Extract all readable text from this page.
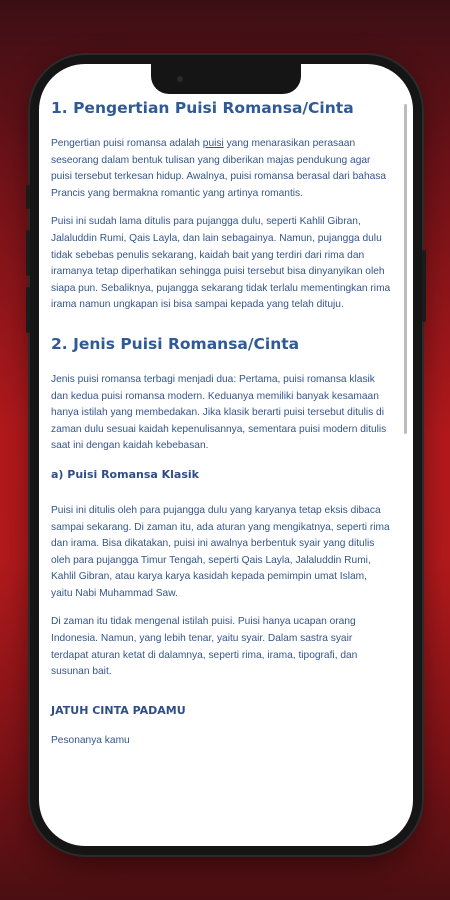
1. Pengertian Puisi Romansa/Cinta

Pengertian puisi romansa adalah puisi yang menarasikan perasaan seseorang dalam bentuk tulisan yang diberikan majas pendukung agar puisi tersebut terkesan hidup. Awalnya, puisi romansa berasal dari bahasa Prancis yang bermakna romantic yang artinya romantis.

Puisi ini sudah lama ditulis para pujangga dulu, seperti Kahlil Gibran, Jalaluddin Rumi, Qais Layla, dan lain sebagainya. Namun, pujangga dulu tidak sebebas penulis sekarang, kaidah bait yang terdiri dari rima dan iramanya tetap diperhatikan sehingga puisi tersebut bisa dinyanyikan oleh siapa pun. Sebaliknya, pujangga sekarang tidak terlalu mementingkan rima irama namun ungkapan isi bisa sampai kepada yang telah dituju.

2. Jenis Puisi Romansa/Cinta

Jenis puisi romansa terbagi menjadi dua: Pertama, puisi romansa klasik dan kedua puisi romansa modern. Keduanya memiliki banyak kesamaan hanya istilah yang membedakan. Jika klasik berarti puisi tersebut ditulis di zaman dulu sesuai kaidah kepenulisannya, sementara puisi modern ditulis saat ini dengan kaidah kebebasan.

a) Puisi Romansa Klasik

Puisi ini ditulis oleh para pujangga dulu yang karyanya tetap eksis dibaca sampai sekarang. Di zaman itu, ada aturan yang mengikatnya, seperti rima dan irama. Bisa dikatakan, puisi ini awalnya berbentuk syair yang ditulis oleh para pujangga Timur Tengah, seperti Qais Layla, Jalaluddin Rumi, Kahlil Gibran, atau karya karya kasidah kepada pemimpin umat Islam, yaitu Nabi Muhammad Saw.

Di zaman itu tidak mengenal istilah puisi. Puisi hanya ucapan orang Indonesia. Namun, yang lebih tenar, yaitu syair. Dalam sastra syair terdapat aturan ketat di dalamnya, seperti rima, irama, tipografi, dan susunan bait.

JATUH CINTA PADAMU

Pesonanya kamu
